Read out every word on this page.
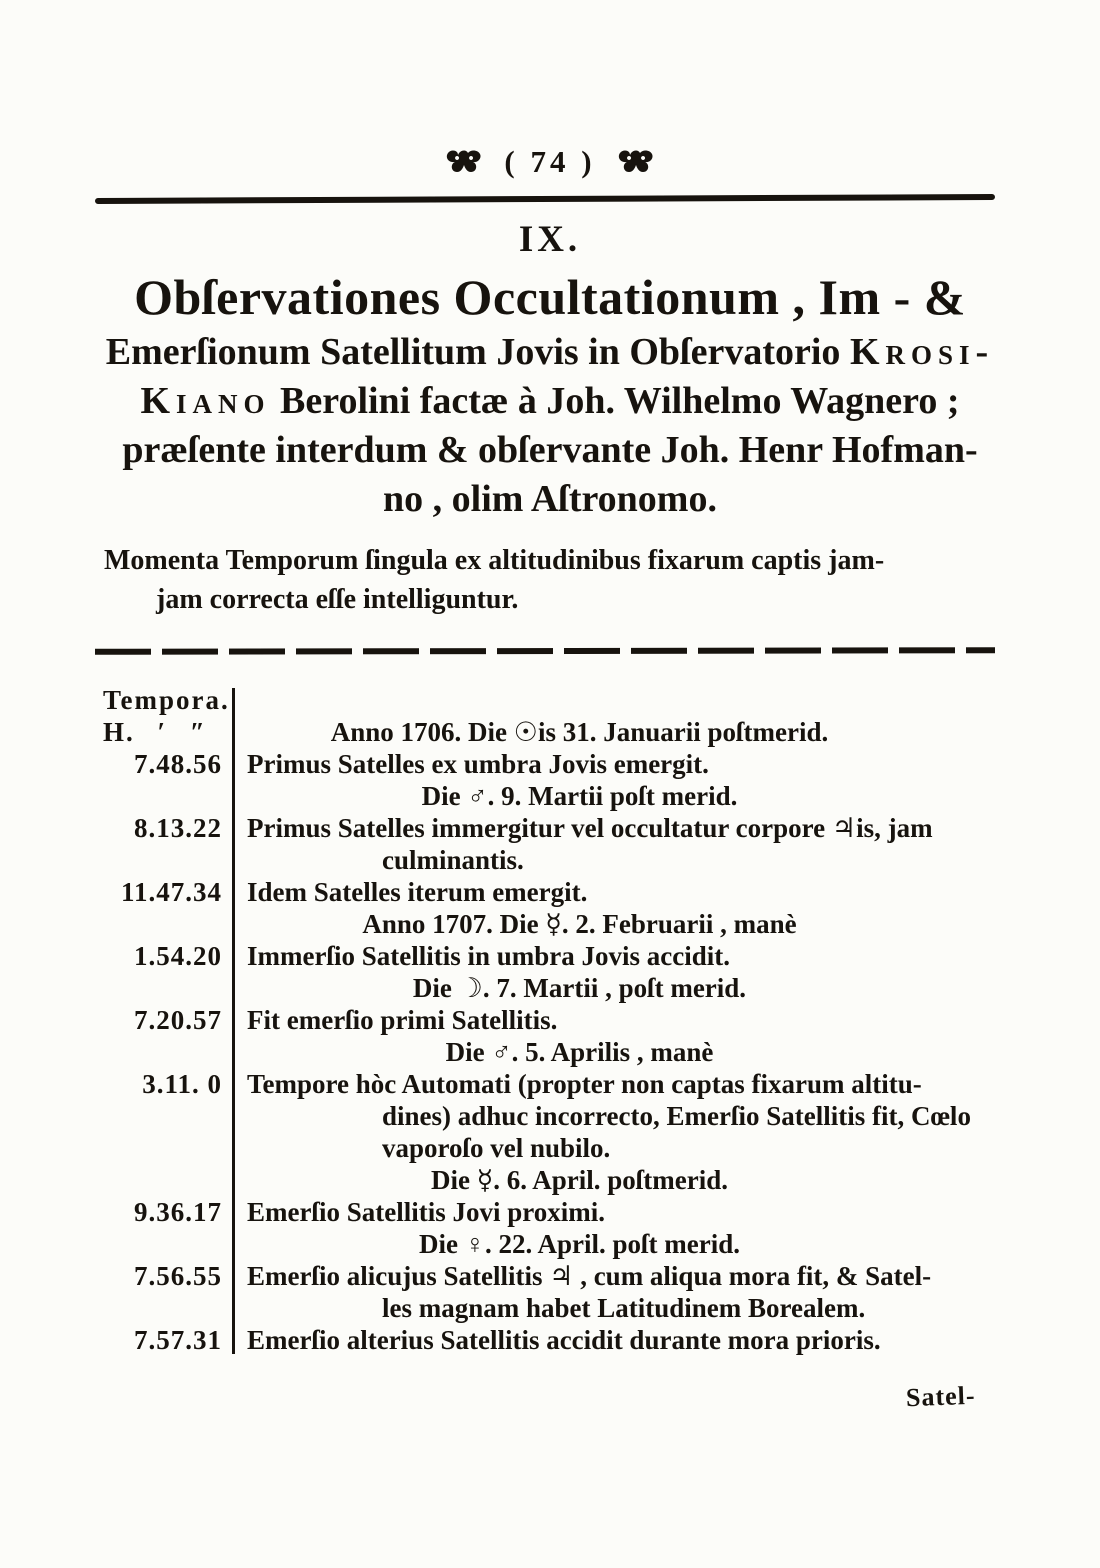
( 74 )
IX.
Obſervationes Occultationum , Im - &
Emerſionum Satellitum Jovis in Obſervatorio Krosi-
Kiano Berolini factæ à Joh. Wilhelmo Wagnero ;
præſente interdum & obſervante Joh. Henr Hofman-
no , olim Aſtronomo.
Momenta Temporum ſingula ex altitudinibus fixarum captis jam-
jam correcta eſſe intelliguntur.
Tempora.
H. ′ ″	Anno 1706. Die ☉is 31. Januarii poſtmerid.
7.48.56 Primus Satelles ex umbra Jovis emergit.
Die ♂. 9. Martii poſt merid.
8.13.22 Primus Satelles immergitur vel occultatur corpore ♃is, jam
culminantis.
11.47.34 Idem Satelles iterum emergit.
Anno 1707. Die ☿. 2. Februarii , manè
1.54.20 Immerſio Satellitis in umbra Jovis accidit.
Die ☽. 7. Martii , poſt merid.
7.20.57 Fit emerſio primi Satellitis.
Die ♂. 5. Aprilis , manè
3.11. 0 Tempore hòc Automati (propter non captas fixarum altitu-
dines) adhuc incorrecto, Emerſio Satellitis fit, Cœlo
vaporoſo vel nubilo.
Die ☿. 6. April. poſtmerid.
9.36.17 Emerſio Satellitis Jovi proximi.
Die ♀. 22. April. poſt merid.
7.56.55 Emerſio alicujus Satellitis ♃ , cum aliqua mora fit, & Satel-
les magnam habet Latitudinem Borealem.
7.57.31 Emerſio alterius Satellitis accidit durante mora prioris.
Satel-
